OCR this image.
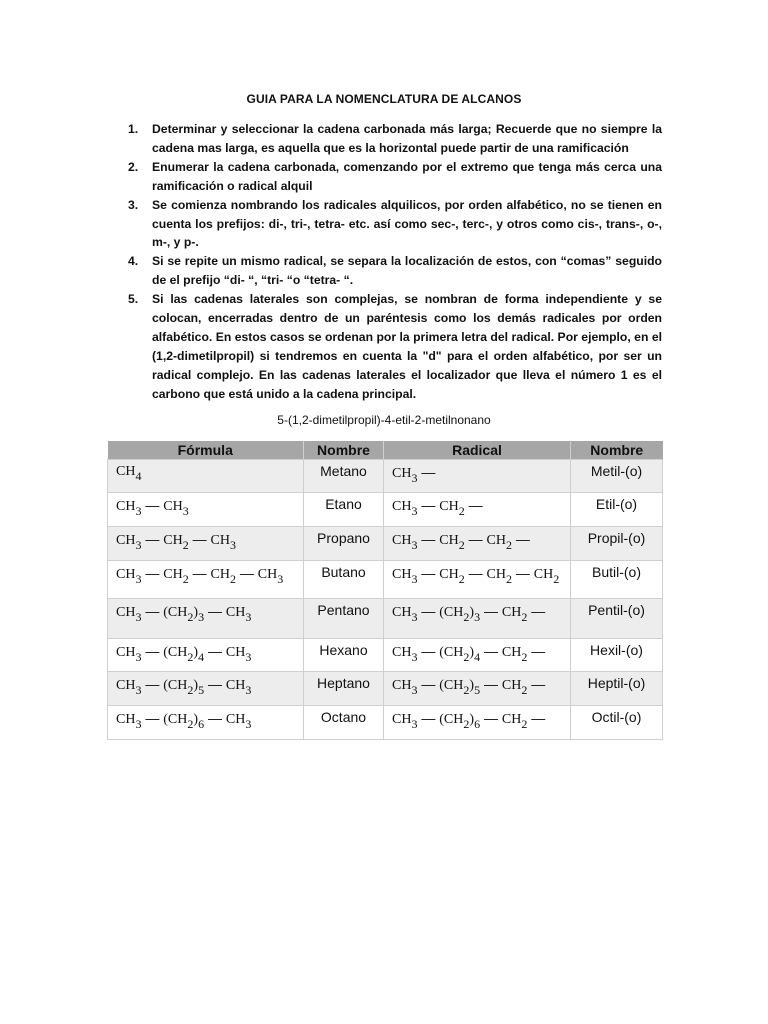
GUIA PARA LA NOMENCLATURA DE ALCANOS
1. Determinar y seleccionar la cadena carbonada más larga; Recuerde que no siempre la cadena mas larga, es aquella que es la horizontal puede partir de una ramificación
2. Enumerar la cadena carbonada, comenzando por el extremo que tenga más cerca una ramificación o radical alquil
3. Se comienza nombrando los radicales alquilicos, por orden alfabético, no se tienen en cuenta los prefijos: di-, tri-, tetra- etc. así como sec-, terc-, y otros como cis-, trans-, o-, m-, y p-.
4. Si se repite un mismo radical, se separa la localización de estos, con “comas” seguido de el prefijo “di- “, “tri- “o “tetra- “.
5. Si las cadenas laterales son complejas, se nombran de forma independiente y se colocan, encerradas dentro de un paréntesis como los demás radicales por orden alfabético. En estos casos se ordenan por la primera letra del radical. Por ejemplo, en el (1,2-dimetilpropil) si tendremos en cuenta la "d" para el orden alfabético, por ser un radical complejo. En las cadenas laterales el localizador que lleva el número 1 es el carbono que está unido a la cadena principal.
5-(1,2-dimetilpropil)-4-etil-2-metilnonano
Fórmula	Nombre	Radical	Nombre
$CH_4$	Metano	$CH_3$ —	Metil-(o)
$CH_3$ — $CH_3$	Etano	$CH_3$ — $CH_2$ —	Etil-(o)
$CH_3$ — $CH_2$ — $CH_3$	Propano	$CH_3$ — $CH_2$ — $CH_2$ —	Propil-(o)
$CH_3$ — $CH_2$ — $CH_2$ — $CH_3$	Butano	$CH_3$ — $CH_2$ — $CH_2$ — $CH_2$	Butil-(o)
$CH_3$ — $(CH_2)_3$ — $CH_3$	Pentano	$CH_3$ — $(CH_2)_3$ — $CH_2$ —	Pentil-(o)
$CH_3$ — $(CH_2)_4$ — $CH_3$	Hexano	$CH_3$ — $(CH_2)_4$ — $CH_2$ —	Hexil-(o)
$CH_3$ — $(CH_2)_5$ — $CH_3$	Heptano	$CH_3$ — $(CH_2)_5$ — $CH_2$ —	Heptil-(o)
$CH_3$ — $(CH_2)_6$ — $CH_3$	Octano	$CH_3$ — $(CH_2)_6$ — $CH_2$ —	Octil-(o)
